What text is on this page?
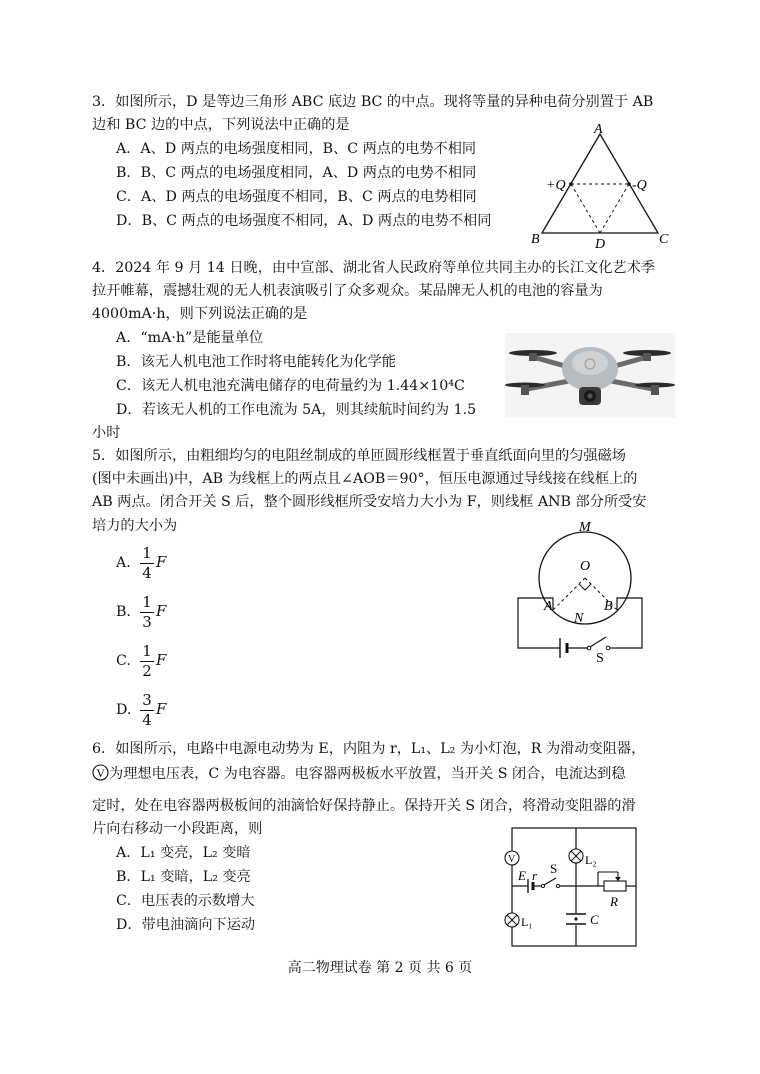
3．如图所示，D 是等边三角形 ABC 底边 BC 的中点。现将等量的异种电荷分别置于 AB
边和 BC 边的中点，下列说法中正确的是
A．A、D 两点的电场强度相同，B、C 两点的电势不相同
B．B、C 两点的电场强度相同，A、D 两点的电势不相同
C．A、D 两点的电场强度不相同，B、C 两点的电势相同
D．B、C 两点的电场强度不相同，A、D 两点的电势不相同
A
B	C
D
+Q	-Q
4．2024 年 9 月 14 日晚，由中宣部、湖北省人民政府等单位共同主办的长江文化艺术季
拉开帷幕，震撼壮观的无人机表演吸引了众多观众。某品牌无人机的电池的容量为
4000mA·h，则下列说法正确的是
A．“mA·h”是能量单位
B．该无人机电池工作时将电能转化为化学能
C．该无人机电池充满电储存的电荷量约为 1.44×10⁴C
D．若该无人机的工作电流为 5A，则其续航时间约为 1.5
小时
5．如图所示，由粗细均匀的电阻丝制成的单匝圆形线框置于垂直纸面向里的匀强磁场
(图中未画出)中，AB 为线框上的两点且∠AOB＝90°，恒压电源通过导线接在线框上的
AB 两点。闭合开关 S 后，整个圆形线框所受安培力大小为 F，则线框 ANB 部分所受安
培力的大小为
A.
1
4
F
B.
1
3
F
C.
1
2
F
D.
3
4
F
M
O
A	B
N
S
6．如图所示，电路中电源电动势为 E，内阻为 r，L₁、L₂ 为小灯泡，R 为滑动变阻器，
V 为理想电压表，C 为电容器。电容器两极板水平放置，当开关 S 闭合，电流达到稳
定时，处在电容器两极板间的油滴恰好保持静止。保持开关 S 闭合，将滑动变阻器的滑
片向右移动一小段距离，则
A．L₁ 变亮，L₂ 变暗
B．L₁ 变暗，L₂ 变亮
C．电压表的示数增大
D．带电油滴向下运动
V	L₂
E r S
R
L₁	C
高二物理试卷 第 2 页 共 6 页
